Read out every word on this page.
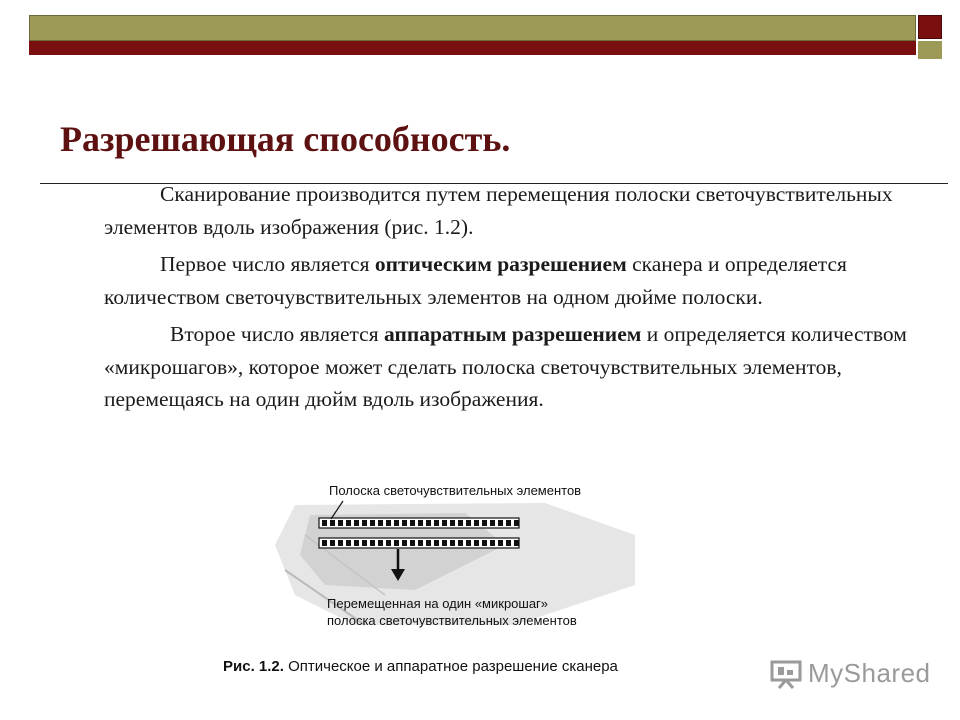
Разрешающая способность.

Сканирование производится путем перемещения полоски светочувствительных элементов вдоль изображения (рис. 1.2).

Первое число является оптическим разрешением сканера и определяется количеством светочувствительных элементов на одном дюйме полоски.

Второе число является аппаратным разрешением и определяется количеством «микрошагов», которое может сделать полоска светочувствительных элементов, перемещаясь на один дюйм вдоль изображения.

Полоска светочувствительных элементов
Перемещенная на один «микрошаг»
полоска светочувствительных элементов
Рис. 1.2. Оптическое и аппаратное разрешение сканера	MyShared
